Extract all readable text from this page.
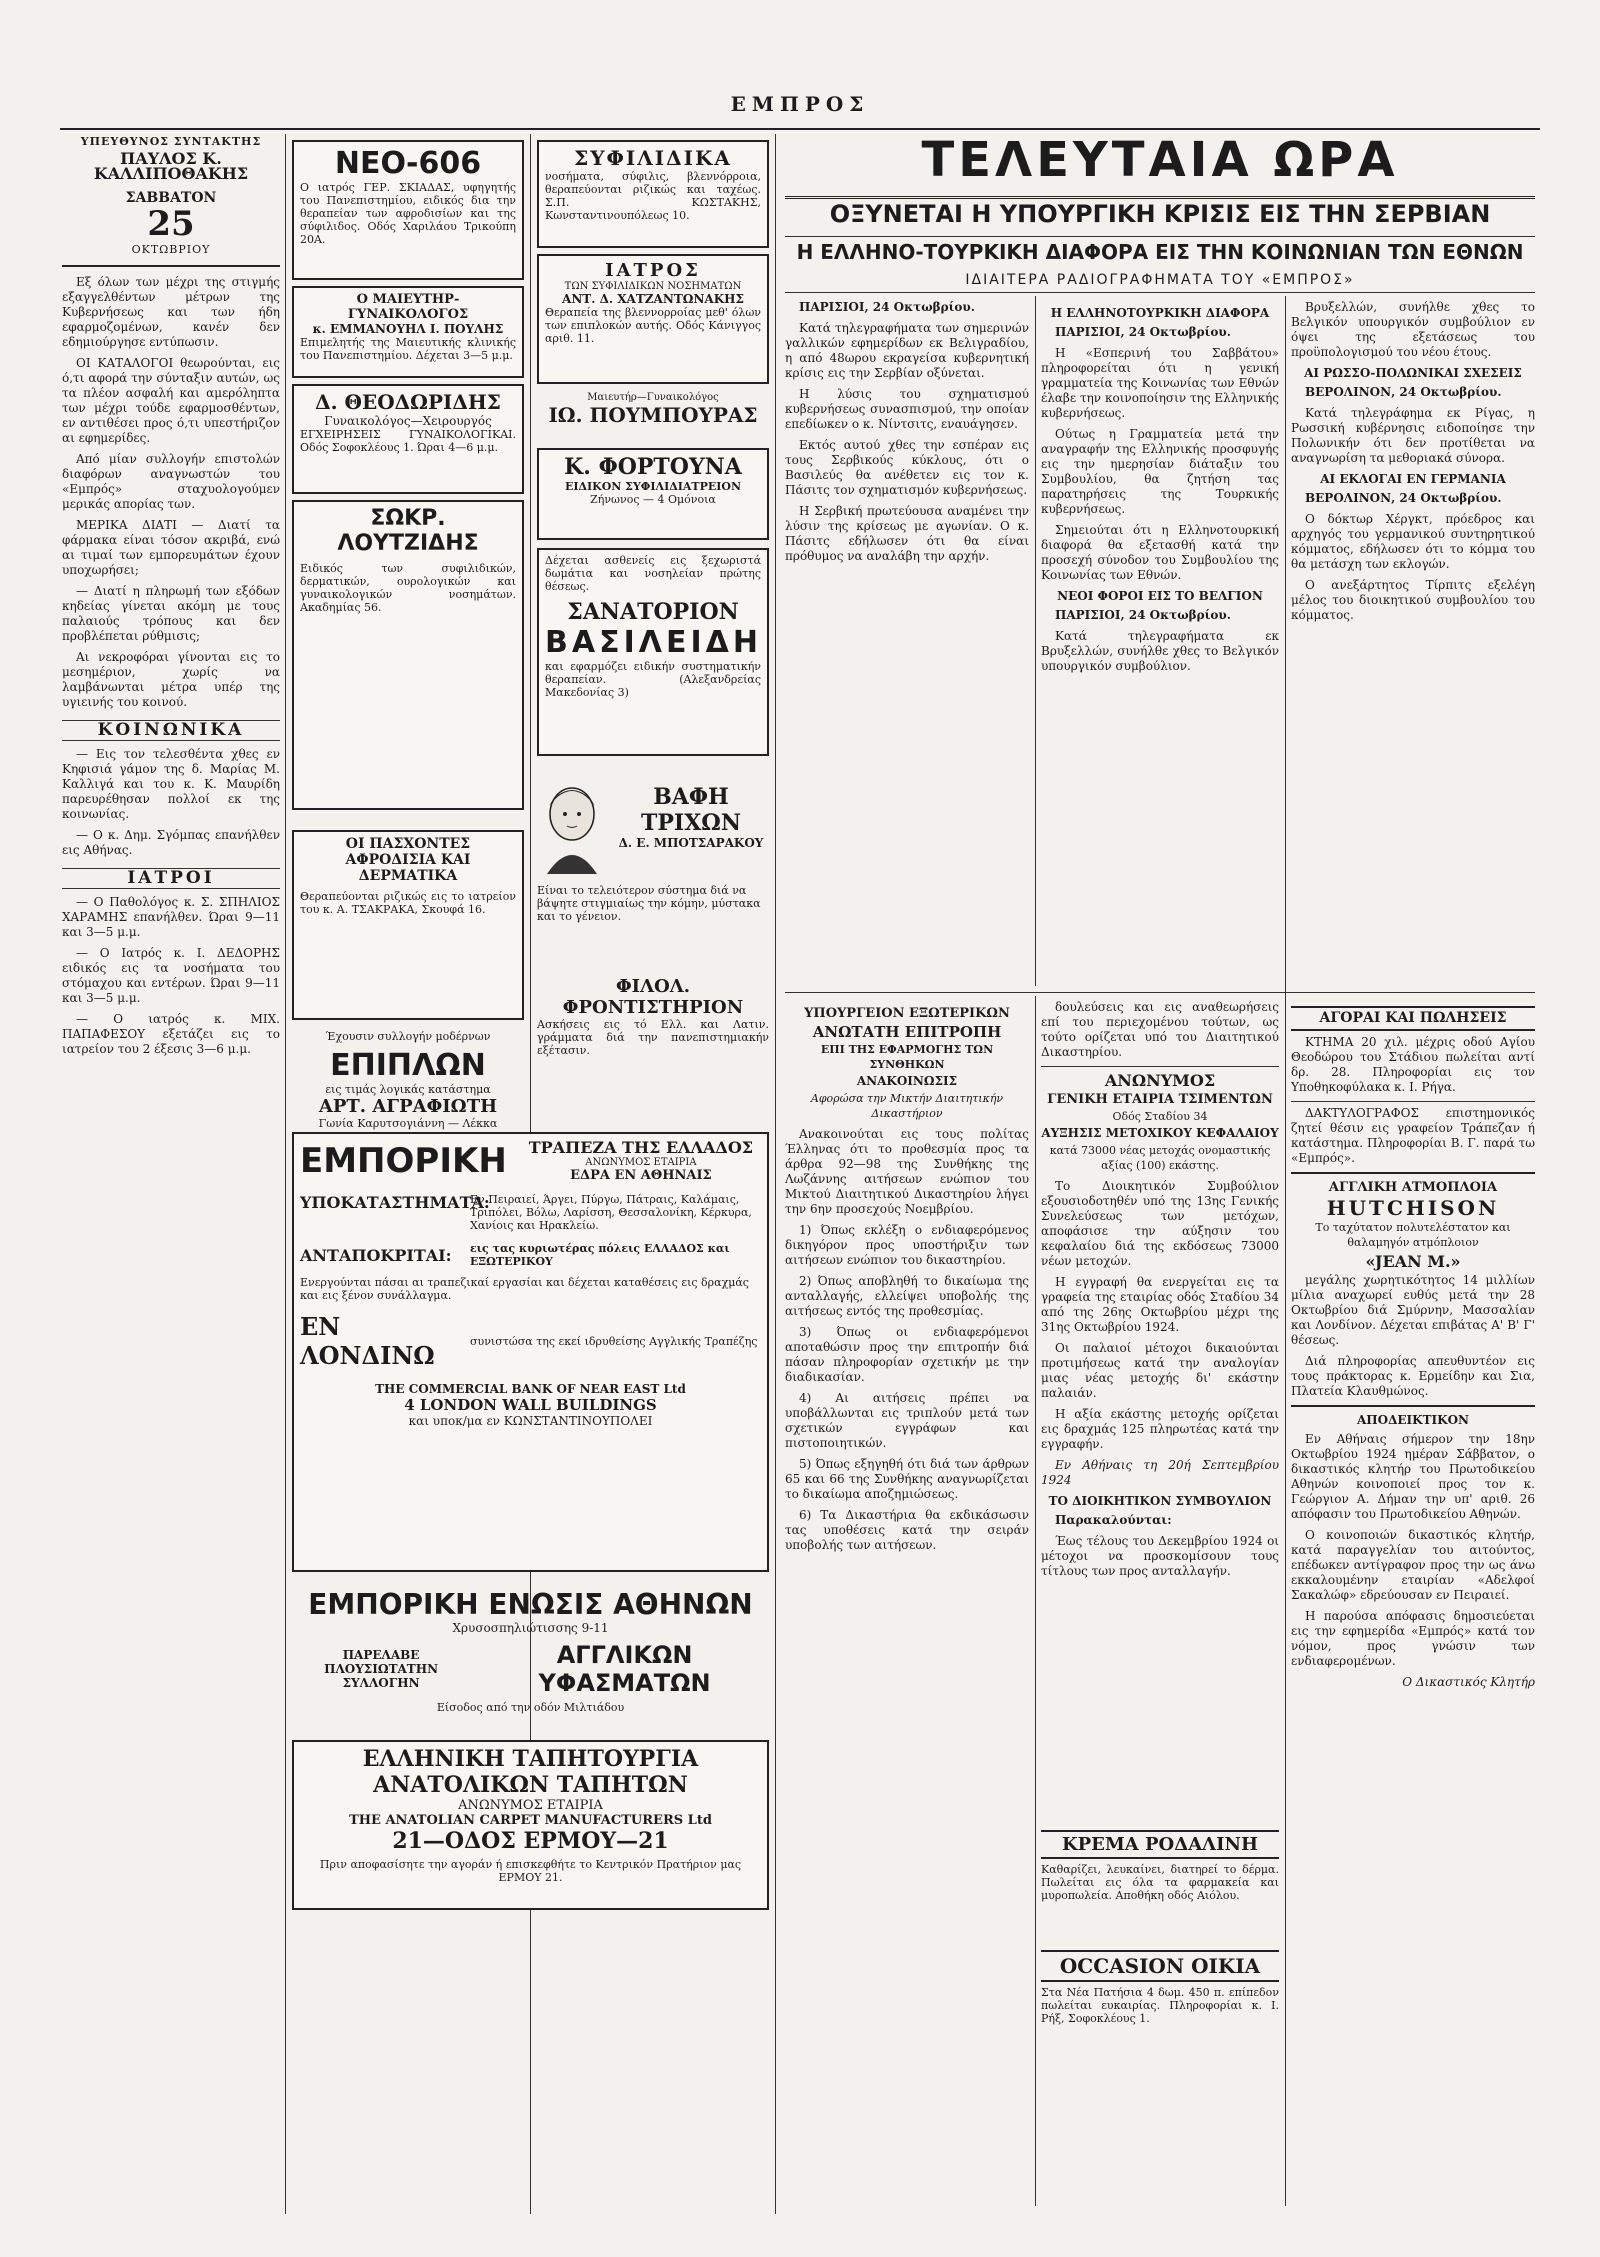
ΕΜΠΡΟΣ
ΥΠΕΥΘΥΝΟΣ ΣΥΝΤΑΚΤΗΣ
ΠΑΥΛΟΣ Κ. ΚΑΛΛΙΠΟΘΑΚΗΣ
ΣΑΒΒΑΤΟΝ
25
ΟΚΤΩΒΡΙΟΥ

Εξ όλων των μέχρι της στιγμής εξαγγελθέντων μέτρων της Κυβερνήσεως και των ήδη εφαρμοζομένων, κανέν δεν εδημιούργησε εντύπωσιν.

ΟΙ ΚΑΤΑΛΟΓΟΙ θεωρούνται, εις ό,τι αφορά την σύνταξιν αυτών, ως τα πλέον ασφαλή και αμερόληπτα των μέχρι τούδε εφαρμοσθέντων, εν αντιθέσει προς ό,τι υπεστήριζον αι εφημερίδες.

Από μίαν συλλογήν επιστολών διαφόρων αναγνωστών του «Εμπρός» σταχυολογούμεν μερικάς απορίας των.

ΜΕΡΙΚΑ ΔΙΑΤΙ — Διατί τα φάρμακα είναι τόσον ακριβά, ενώ αι τιμαί των εμπορευμάτων έχουν υποχωρήσει;

— Διατί η πληρωμή των εξόδων κηδείας γίνεται ακόμη με τους παλαιούς τρόπους και δεν προβλέπεται ρύθμισις;

Αι νεκροφόραι γίνονται εις το μεσημέριον, χωρίς να λαμβάνωνται μέτρα υπέρ της υγιεινής του κοινού.

ΚΟΙΝΩΝΙΚΑ

— Εις τον τελεσθέντα χθες εν Κηφισιά γάμον της δ. Μαρίας Μ. Καλλιγά και του κ. Κ. Μαυρίδη παρευρέθησαν πολλοί εκ της κοινωνίας.

— Ο κ. Δημ. Σγόμπας επανήλθεν εις Αθήνας.

ΙΑΤΡΟΙ

— Ο Παθολόγος κ. Σ. ΣΠΗΛΙΟΣ ΧΑΡΑΜΗΣ επανήλθεν. Ώραι 9—11 και 3—5 μ.μ.

— Ο Ιατρός κ. Ι. ΔΕΔΟΡΗΣ ειδικός εις τα νοσήματα του στόμαχου και εντέρων. Ώραι 9—11 και 3—5 μ.μ.

— Ο ιατρός κ. ΜΙΧ. ΠΑΠΑΦΕΣΟΥ εξετάζει εις το ιατρείον του 2 έξεσις 3—6 μ.μ.

ΝΕΟ-606
Ο ιατρός ΓΕΡ. ΣΚΙΑΔΑΣ, υφηγητής του Πανεπιστημίου, ειδικός δια την θεραπείαν των αφροδισίων και της σύφιλιδος. Οδός Χαριλάου Τρικούπη 20Α.
Ο ΜΑΙΕΥΤΗΡ-ΓΥΝΑΙΚΟΛΟΓΟΣ
κ. ΕΜΜΑΝΟΥΗΛ Ι. ΠΟΥΛΗΣ
Επιμελητής της Μαιευτικής κλινικής του Πανεπιστημίου. Δέχεται 3—5 μ.μ.
Δ. ΘΕΟΔΩΡΙΔΗΣ
Γυναικολόγος—Χειρουργός
ΕΓΧΕΙΡΗΣΕΙΣ ΓΥΝΑΙΚΟΛΟΓΙΚΑΙ. Οδός Σοφοκλέους 1. Ώραι 4—6 μ.μ.
ΣΩΚΡ. ΛΟΥΤΖΙΔΗΣ
Ειδικός των συφιλιδικών, δερματικών, ουρολογικών και γυναικολογικών νοσημάτων. Ακαδημίας 56.
ΟΙ ΠΑΣΧΟΝΤΕΣ
ΑΦΡΟΔΙΣΙΑ ΚΑΙ ΔΕΡΜΑΤΙΚΑ
Θεραπεύονται ριζικώς εις το ιατρείον του κ. Α. ΤΣΑΚΡΑΚΑ, Σκουφά 16.
Έχουσιν συλλογήν μοδέρνων
ΕΠΙΠΛΩΝ
εις τιμάς λογικάς κατάστημα
ΑΡΤ. ΑΓΡΑΦΙΩΤΗ
Γωνία Καρυτσογιάννη — Λέκκα
ΣΥΦΙΛΙΔΙΚΑ
νοσήματα, σύφιλις, βλεννόρροια, θεραπεύονται ριζικώς και ταχέως. Σ.Π. ΚΩΣΤΑΚΗΣ, Κωνσταντινουπόλεως 10.
ΙΑΤΡΟΣ
ΤΩΝ ΣΥΦΙΛΙΔΙΚΩΝ ΝΟΣΗΜΑΤΩΝ
ΑΝΤ. Δ. ΧΑΤΖΑΝΤΩΝΑΚΗΣ
Θεραπεία της βλεννορροίας μεθ' όλων των επιπλοκών αυτής. Οδός Κάνιγγος αριθ. 11.
Μαιευτήρ—Γυναικολόγος
ΙΩ. ΠΟΥΜΠΟΥΡΑΣ
Κ. ΦΟΡΤΟΥΝΑ
ΕΙΔΙΚΟΝ ΣΥΦΙΛΙΔΙΑΤΡΕΙΟΝ
Ζήνωνος — 4 Ομόνοια
Δέχεται ασθενείς εις ξεχωριστά δωμάτια και νοσηλείαν πρώτης θέσεως.
ΣΑΝΑΤΟΡΙΟΝ
ΒΑΣΙΛΕΙΔΗ
και εφαρμόζει ειδικήν συστηματικήν θεραπείαν. (Αλεξανδρείας Μακεδονίας 3)
ΒΑΦΗ ΤΡΙΧΩΝ
Δ. Ε. ΜΠΟΤΣΑΡΑΚΟΥ
Είναι το τελειότερον σύστημα διά να βάψητε στιγμιαίως την κόμην, μύστακα και το γένειον.
ΦΙΛΟΛ. ΦΡΟΝΤΙΣΤΗΡΙΟΝ
Ασκήσεις εις τό Ελλ. και Λατιν. γράμματα διά την πανεπιστημιακήν εξέτασιν.
ΕΜΠΟΡΙΚΗ	ΤΡΑΠΕΖΑ ΤΗΣ ΕΛΛΑΔΟΣ
ΑΝΩΝΥΜΟΣ ΕΤΑΙΡΙΑ
ΕΔΡΑ ΕΝ ΑΘΗΝΑΙΣ
ΥΠΟΚΑΤΑΣΤΗΜΑΤΑ:
Εν Πειραιεί, Άργει, Πύργω, Πάτραις, Καλάμαις, Τριπόλει, Βόλω, Λαρίσση, Θεσσαλονίκη, Κέρκυρα, Χανίοις και Ηρακλείω.
ΑΝΤΑΠΟΚΡΙΤΑΙ:	εις τας κυριωτέρας πόλεις ΕΛΛΑΔΟΣ και ΕΞΩΤΕΡΙΚΟΥ
Ενεργούνται πάσαι αι τραπεζικαί εργασίαι και δέχεται καταθέσεις εις δραχμάς και εις ξένον συνάλλαγμα.
ΕΝ ΛΟΝΔΙΝΩ	συνιστώσα της εκεί ιδρυθείσης Αγγλικής Τραπέζης
THE COMMERCIAL BANK OF NEAR EAST Ltd
4 LONDON WALL BUILDINGS
και υποκ/μα εν ΚΩΝΣΤΑΝΤΙΝΟΥΠΟΛΕΙ
ΕΜΠΟΡΙΚΗ ΕΝΩΣΙΣ ΑΘΗΝΩΝ
Χρυσοσπηλιώτισσης 9-11
ΠΑΡΕΛΑΒΕ
ΠΛΟΥΣΙΩΤΑΤΗΝ ΣΥΛΛΟΓΗΝ
ΑΓΓΛΙΚΩΝ ΥΦΑΣΜΑΤΩΝ
Είσοδος από την οδόν Μιλτιάδου
ΕΛΛΗΝΙΚΗ ΤΑΠΗΤΟΥΡΓΙΑ
ΑΝΑΤΟΛΙΚΩΝ ΤΑΠΗΤΩΝ
ΑΝΩΝΥΜΟΣ ΕΤΑΙΡΙΑ
THE ANATOLIAN CARPET MANUFACTURERS Ltd
21—ΟΔΟΣ ΕΡΜΟΥ—21
Πριν αποφασίσητε την αγοράν ή επισκεφθήτε το Κεντρικόν Πρατήριον μας ΕΡΜΟΥ 21.
ΤΕΛΕΥΤΑΙΑ ΩΡΑ
ΟΞΥΝΕΤΑΙ Η ΥΠΟΥΡΓΙΚΗ ΚΡΙΣΙΣ ΕΙΣ ΤΗΝ ΣΕΡΒΙΑΝ
Η ΕΛΛΗΝΟ-ΤΟΥΡΚΙΚΗ ΔΙΑΦΟΡΑ ΕΙΣ ΤΗΝ ΚΟΙΝΩΝΙΑΝ ΤΩΝ ΕΘΝΩΝ
ΙΔΙΑΙΤΕΡΑ ΡΑΔΙΟΓΡΑΦΗΜΑΤΑ ΤΟΥ «ΕΜΠΡΟΣ»

ΠΑΡΙΣΙΟΙ, 24 Οκτωβρίου.

Κατά τηλεγραφήματα των σημερινών γαλλικών εφημερίδων εκ Βελιγραδίου, η από 48ωρου εκραγείσα κυβερνητική κρίσις εις την Σερβίαν οξύνεται.

Η λύσις του σχηματισμού κυβερνήσεως συνασπισμού, την οποίαν επεδίωκεν ο κ. Νίντσιτς, εναυάγησεν.

Εκτός αυτού χθες την εσπέραν εις τους Σερβικούς κύκλους, ότι ο Βασιλεύς θα ανέθετεν εις τον κ. Πάσιτς τον σχηματισμόν κυβερνήσεως.

Η Σερβική πρωτεύουσα αναμένει την λύσιν της κρίσεως με αγωνίαν. Ο κ. Πάσιτς εδήλωσεν ότι θα είναι πρόθυμος να αναλάβη την αρχήν.

Η ΕΛΛΗΝΟΤΟΥΡΚΙΚΗ ΔΙΑΦΟΡΑ

ΠΑΡΙΣΙΟΙ, 24 Οκτωβρίου.

Η «Εσπερινή του Σαββάτου» πληροφορείται ότι η γενική γραμματεία της Κοινωνίας των Εθνών έλαβε την κοινοποίησιν της Ελληνικής κυβερνήσεως.

Ούτως η Γραμματεία μετά την αναγραφήν της Ελληνικής προσφυγής εις την ημερησίαν διάταξιν του Συμβουλίου, θα ζητήση τας παρατηρήσεις της Τουρκικής κυβερνήσεως.

Σημειούται ότι η Ελληνοτουρκική διαφορά θα εξετασθή κατά την προσεχή σύνοδον του Συμβουλίου της Κοινωνίας των Εθνών.

ΝΕΟΙ ΦΟΡΟΙ ΕΙΣ ΤΟ ΒΕΛΓΙΟΝ

ΠΑΡΙΣΙΟΙ, 24 Οκτωβρίου.

Κατά τηλεγραφήματα εκ Βρυξελλών, συνήλθε χθες το Βελγικόν υπουργικόν συμβούλιον.

Βρυξελλών, συνήλθε χθες το Βελγικόν υπουργικόν συμβούλιον εν όψει της εξετάσεως του προϋπολογισμού του νέου έτους.

ΑΙ ΡΩΣΣΟ-ΠΟΛΩΝΙΚΑΙ ΣΧΕΣΕΙΣ

ΒΕΡΟΛΙΝΟΝ, 24 Οκτωβρίου.

Κατά τηλεγράφημα εκ Ρίγας, η Ρωσσική κυβέρνησις ειδοποίησε την Πολωνικήν ότι δεν προτίθεται να αναγνωρίση τα μεθοριακά σύνορα.

ΑΙ ΕΚΛΟΓΑΙ ΕΝ ΓΕΡΜΑΝΙΑ

ΒΕΡΟΛΙΝΟΝ, 24 Οκτωβρίου.

Ο δόκτωρ Χέργκτ, πρόεδρος και αρχηγός του γερμανικού συντηρητικού κόμματος, εδήλωσεν ότι το κόμμα του θα μετάσχη των εκλογών.

Ο ανεξάρτητος Τίρπιτς εξελέγη μέλος του διοικητικού συμβουλίου του κόμματος.

ΥΠΟΥΡΓΕΙΟΝ ΕΞΩΤΕΡΙΚΩΝ
ΑΝΩΤΑΤΗ ΕΠΙΤΡΟΠΗ
ΕΠΙ ΤΗΣ ΕΦΑΡΜΟΓΗΣ ΤΩΝ ΣΥΝΘΗΚΩΝ
ΑΝΑΚΟΙΝΩΣΙΣ
Αφορώσα την Μικτήν Διαιτητικήν Δικαστήριον

Ανακοινούται εις τους πολίτας Έλληνας ότι το προθεσμία προς τα άρθρα 92—98 της Συνθήκης της Λωζάννης αιτήσεων ενώπιον του Μικτού Διαιτητικού Δικαστηρίου λήγει την 6ην προσεχούς Νοεμβρίου.

1) Όπως εκλέξη ο ενδιαφερόμενος δικηγόρον προς υποστήριξιν των αιτήσεων ενώπιον του δικαστηρίου.

2) Όπως αποβληθή το δικαίωμα της ανταλλαγής, ελλείψει υποβολής της αιτήσεως εντός της προθεσμίας.

3) Όπως οι ενδιαφερόμενοι αποταθώσιν προς την επιτροπήν διά πάσαν πληροφορίαν σχετικήν με την διαδικασίαν.

4) Αι αιτήσεις πρέπει να υποβάλλωνται εις τριπλούν μετά των σχετικών εγγράφων και πιστοποιητικών.

5) Όπως εξηγηθή ότι διά των άρθρων 65 και 66 της Συνθήκης αναγνωρίζεται το δικαίωμα αποζημιώσεως.

6) Τα Δικαστήρια θα εκδικάσωσιν τας υποθέσεις κατά την σειράν υποβολής των αιτήσεων.

δουλεύσεις και εις αναθεωρήσεις επί του περιεχομένου τούτων, ως τούτο ορίζεται υπό του Διαιτητικού Δικαστηρίου.

ΑΝΩΝΥΜΟΣ
ΓΕΝΙΚΗ ΕΤΑΙΡΙΑ ΤΣΙΜΕΝΤΩΝ
Οδός Σταδίου 34
ΑΥΞΗΣΙΣ ΜΕΤΟΧΙΚΟΥ ΚΕΦΑΛΑΙΟΥ
κατά 73000 νέας μετοχάς ονομαστικής αξίας (100) εκάστης.

Το Διοικητικόν Συμβούλιον εξουσιοδοτηθέν υπό της 13ης Γενικής Συνελεύσεως των μετόχων, αποφάσισε την αύξησιν του κεφαλαίου διά της εκδόσεως 73000 νέων μετοχών.

Η εγγραφή θα ενεργείται εις τα γραφεία της εταιρίας οδός Σταδίου 34 από της 26ης Οκτωβρίου μέχρι της 31ης Οκτωβρίου 1924.

Οι παλαιοί μέτοχοι δικαιούνται προτιμήσεως κατά την αναλογίαν μιας νέας μετοχής δι' εκάστην παλαιάν.

Η αξία εκάστης μετοχής ορίζεται εις δραχμάς 125 πληρωτέας κατά την εγγραφήν.

Εν Αθήναις τη 20ή Σεπτεμβρίου 1924

ΤΟ ΔΙΟΙΚΗΤΙΚΟΝ ΣΥΜΒΟΥΛΙΟΝ

Παρακαλούνται:

Έως τέλους του Δεκεμβρίου 1924 οι μέτοχοι να προσκομίσουν τους τίτλους των προς ανταλλαγήν.

ΚΡΕΜΑ ΡΟΔΑΛΙΝΗ
Καθαρίζει, λευκαίνει, διατηρεί το δέρμα. Πωλείται εις όλα τα φαρμακεία και μυροπωλεία. Αποθήκη οδός Αιόλου.
OCCASION ΟΙΚΙΑ
Στα Νέα Πατήσια 4 δωμ. 450 π. επίπεδον πωλείται ευκαιρίας. Πληροφορίαι κ. Ι. Ρήξ, Σοφοκλέους 1.
ΑΓΟΡΑΙ ΚΑΙ ΠΩΛΗΣΕΙΣ

ΚΤΗΜΑ 20 χιλ. μέχρις οδού Αγίου Θεοδώρου του Στάδιου πωλείται αντί δρ. 28. Πληροφορίαι εις τον Υποθηκοφύλακα κ. Ι. Ρήγα.

ΔΑΚΤΥΛΟΓΡΑΦΟΣ επιστημονικός ζητεί θέσιν εις γραφείον Τράπεζαν ή κατάστημα. Πληροφορίαι Β. Γ. παρά τω «Εμπρός».

ΑΓΓΛΙΚΗ ΑΤΜΟΠΛΟΙΑ
HUTCHISON
Το ταχύτατον πολυτελέστατον και θαλαμηγόν ατμόπλοιον
«JEAN M.»

μεγάλης χωρητικότητος 14 μιλλίων μίλια αναχωρεί ευθύς μετά την 28 Οκτωβρίου διά Σμύρνην, Μασσαλίαν και Λονδίνον. Δέχεται επιβάτας Α' Β' Γ' θέσεως.

Διά πληροφορίας απευθυντέον εις τους πράκτορας κ. Ερμείδην και Σια, Πλατεία Κλαυθμώνος.

ΑΠΟΔΕΙΚΤΙΚΟΝ

Εν Αθήναις σήμερον την 18ην Οκτωβρίου 1924 ημέραν Σάββατον, ο δικαστικός κλητήρ του Πρωτοδικείου Αθηνών κοινοποιεί προς τον κ. Γεώργιον Α. Δήμαν την υπ' αριθ. 26 απόφασιν του Πρωτοδικείου Αθηνών.

Ο κοινοποιών δικαστικός κλητήρ, κατά παραγγελίαν του αιτούντος, επέδωκεν αντίγραφον προς την ως άνω εκκαλουμένην εταιρίαν «Αδελφοί Σακαλώφ» εδρεύουσαν εν Πειραιεί.

Η παρούσα απόφασις δημοσιεύεται εις την εφημερίδα «Εμπρός» κατά τον νόμον, προς γνώσιν των ενδιαφερομένων.

Ο Δικαστικός Κλητήρ
